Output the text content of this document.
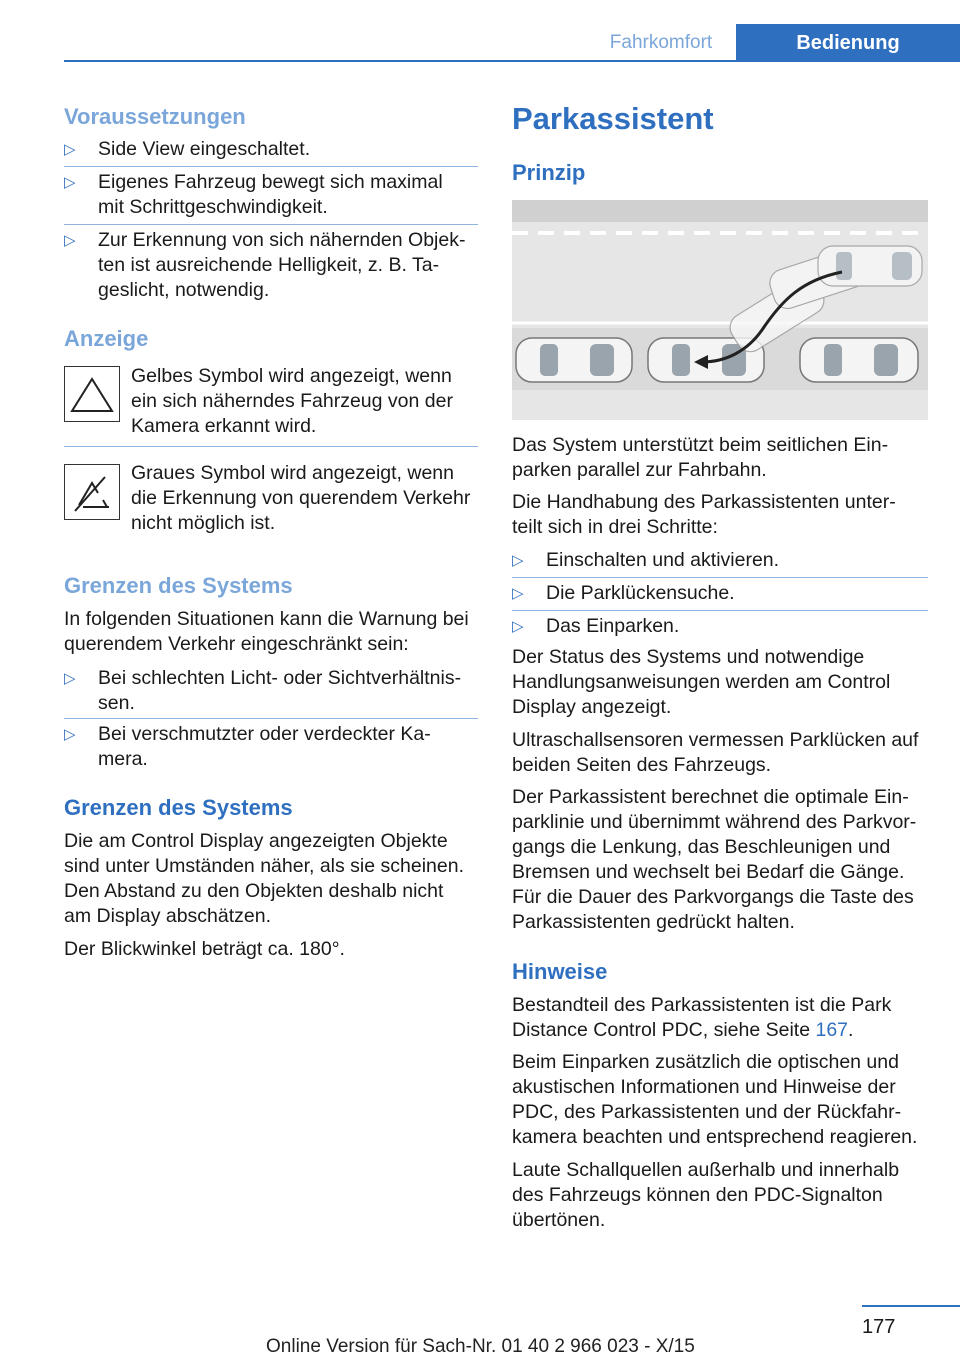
Fahrkomfort	Bedienung
Voraussetzungen
▷ Side View eingeschaltet.
▷ Eigenes Fahrzeug bewegt sich maximal
mit Schrittgeschwindigkeit.
▷ Zur Erkennung von sich nähernden Objek-
ten ist ausreichende Helligkeit, z. B. Ta-
geslicht, notwendig.
Anzeige
Gelbes Symbol wird angezeigt, wenn
ein sich näherndes Fahrzeug von der
Kamera erkannt wird.
Graues Symbol wird angezeigt, wenn
die Erkennung von querendem Verkehr
nicht möglich ist.
Grenzen des Systems
In folgenden Situationen kann die Warnung bei
querendem Verkehr eingeschränkt sein:
▷ Bei schlechten Licht- oder Sichtverhältnis-
sen.
▷ Bei verschmutzter oder verdeckter Ka-
mera.
Grenzen des Systems
Die am Control Display angezeigten Objekte
sind unter Umständen näher, als sie scheinen.
Den Abstand zu den Objekten deshalb nicht
am Display abschätzen.
Der Blickwinkel beträgt ca. 180°.
Parkassistent
Prinzip
Das System unterstützt beim seitlichen Ein-
parken parallel zur Fahrbahn.
Die Handhabung des Parkassistenten unter-
teilt sich in drei Schritte:
▷ Einschalten und aktivieren.
▷ Die Parklückensuche.
▷ Das Einparken.
Der Status des Systems und notwendige
Handlungsanweisungen werden am Control
Display angezeigt.
Ultraschallsensoren vermessen Parklücken auf
beiden Seiten des Fahrzeugs.
Der Parkassistent berechnet die optimale Ein-
parklinie und übernimmt während des Parkvor-
gangs die Lenkung, das Beschleunigen und
Bremsen und wechselt bei Bedarf die Gänge.
Für die Dauer des Parkvorgangs die Taste des
Parkassistenten gedrückt halten.
Hinweise
Bestandteil des Parkassistenten ist die Park
Distance Control PDC, siehe Seite 167.
Beim Einparken zusätzlich die optischen und
akustischen Informationen und Hinweise der
PDC, des Parkassistenten und der Rückfahr-
kamera beachten und entsprechend reagieren.
Laute Schallquellen außerhalb und innerhalb
des Fahrzeugs können den PDC-Signalton
übertönen.
177
Online Version für Sach-Nr. 01 40 2 966 023 - X/15
